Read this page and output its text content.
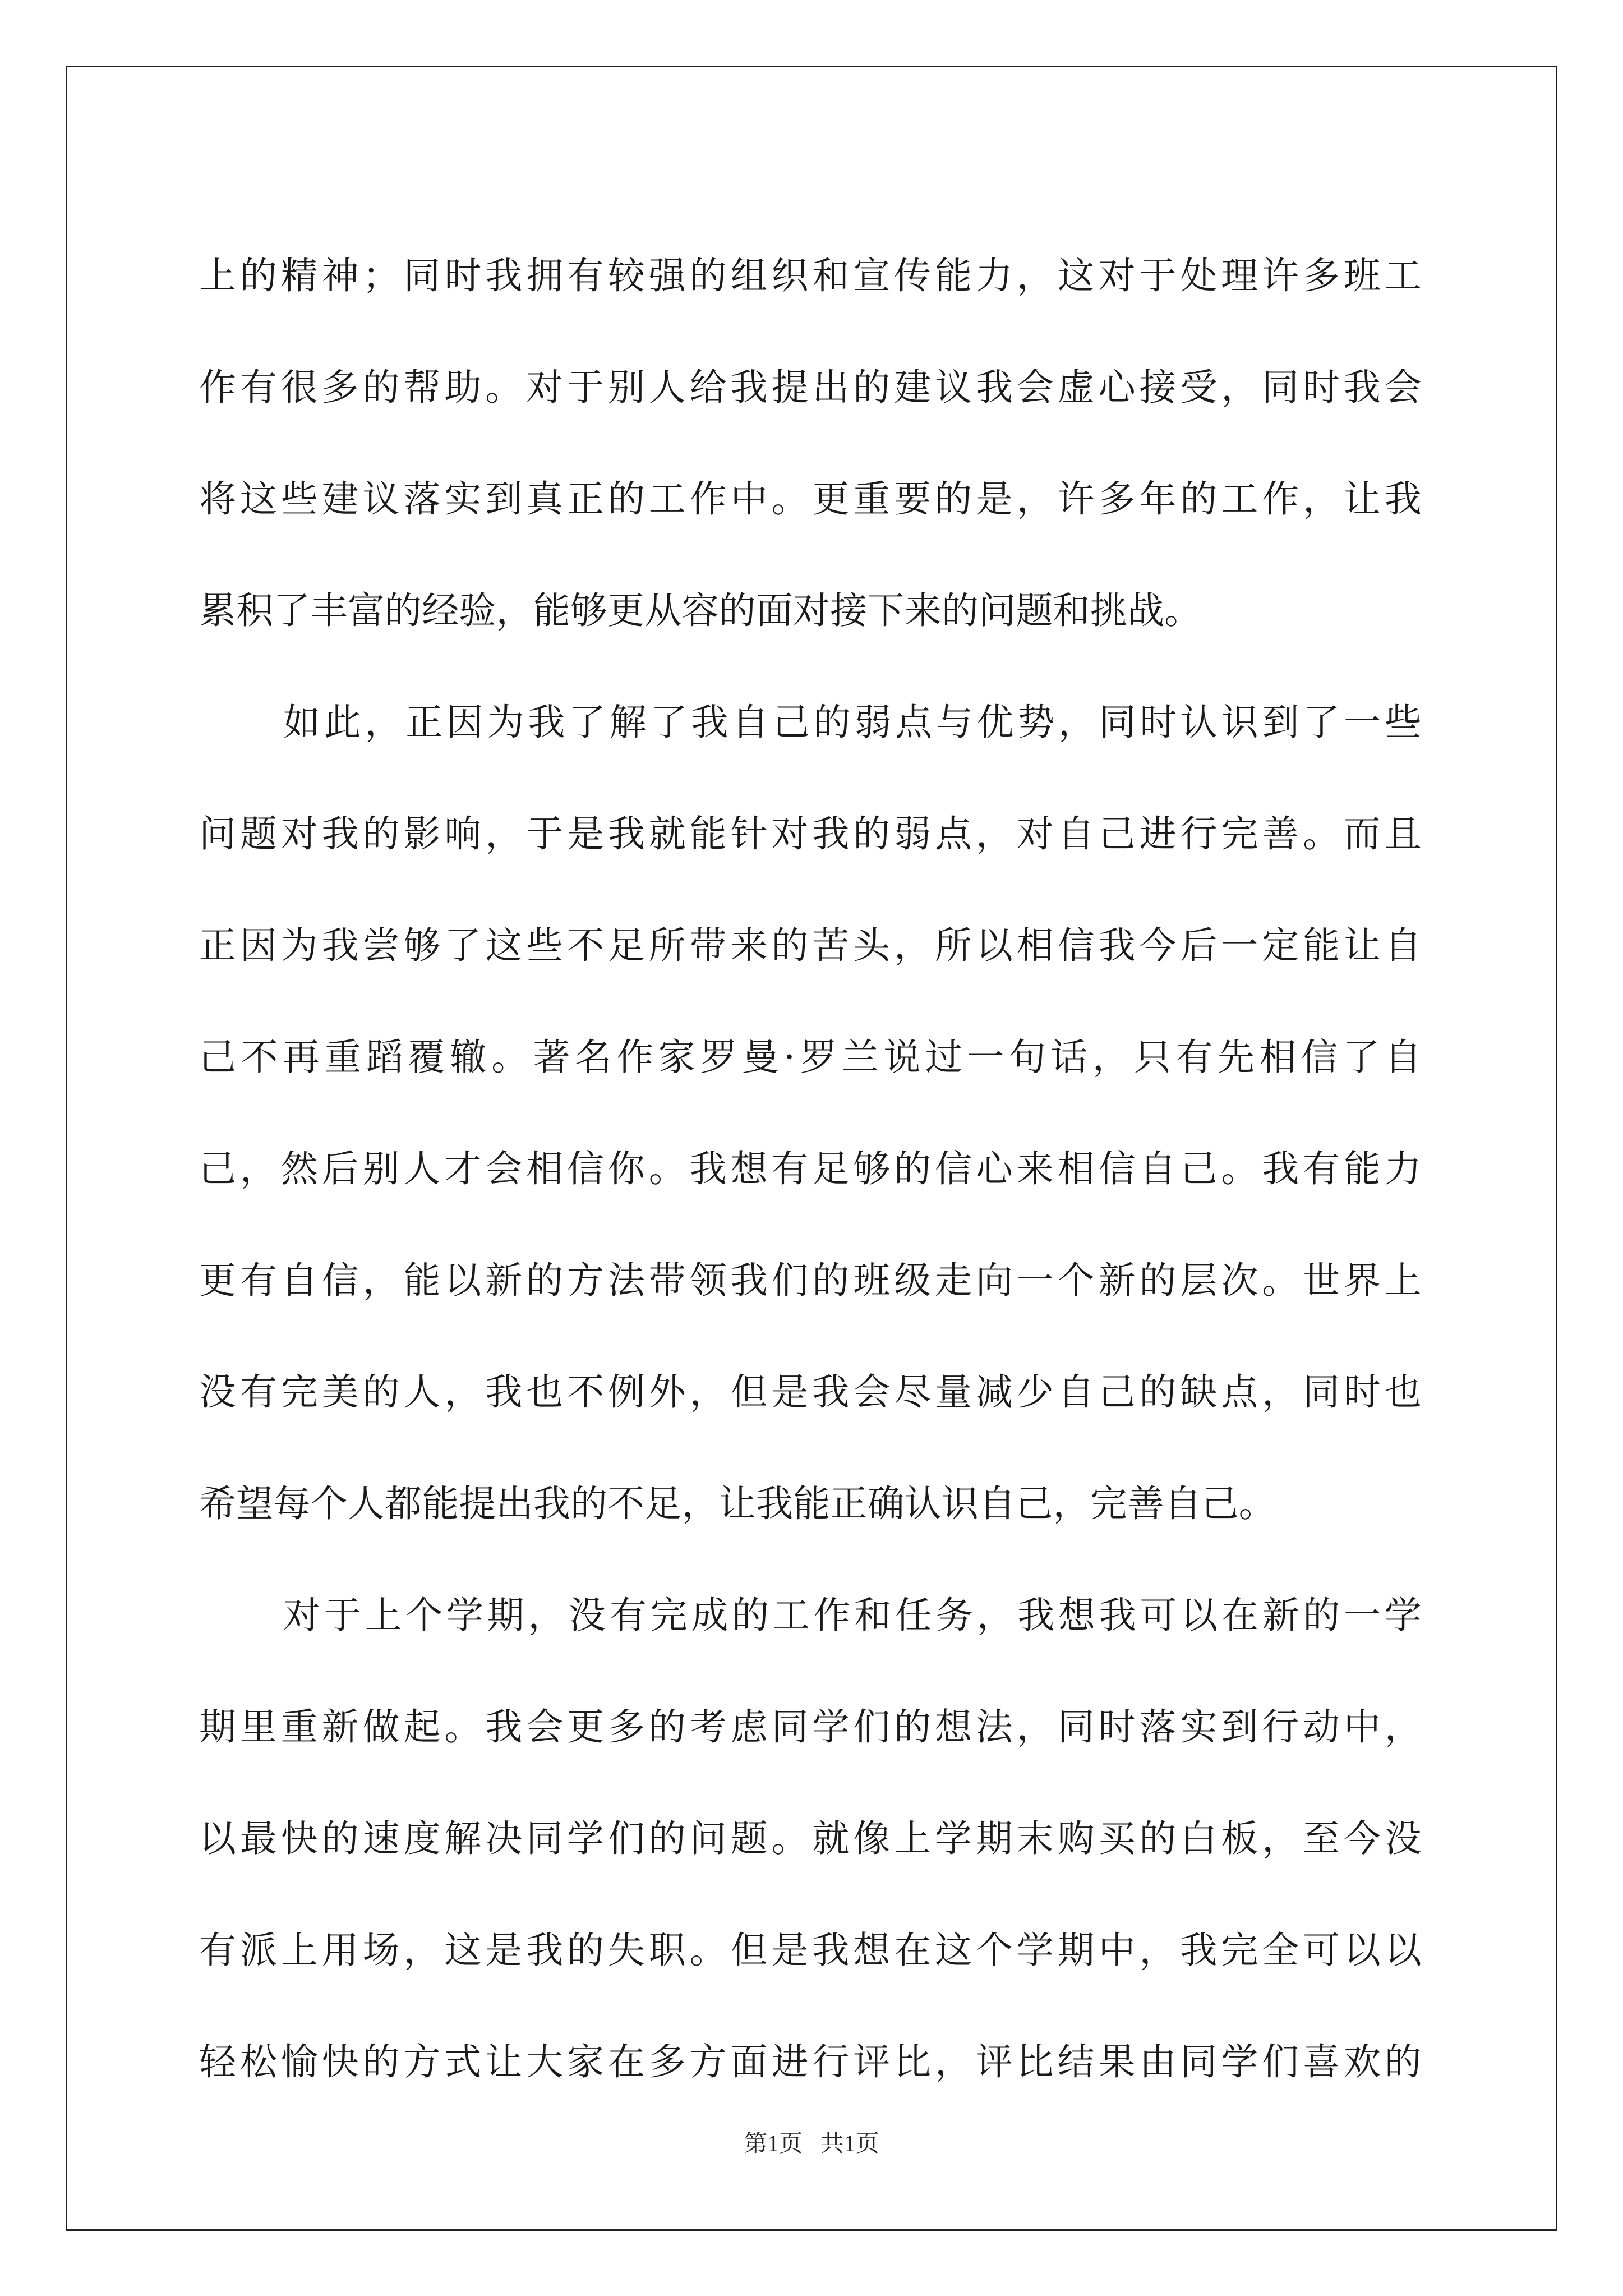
上的精神；同时我拥有较强的组织和宣传能力，这对于处理许多班工
作有很多的帮助。对于别人给我提出的建议我会虚心接受，同时我会
将这些建议落实到真正的工作中。更重要的是，许多年的工作，让我
累积了丰富的经验，能够更从容的面对接下来的问题和挑战。
如此，正因为我了解了我自己的弱点与优势，同时认识到了一些
问题对我的影响，于是我就能针对我的弱点，对自己进行完善。而且
正因为我尝够了这些不足所带来的苦头，所以相信我今后一定能让自
己不再重蹈覆辙。著名作家罗曼·罗兰说过一句话，只有先相信了自
己，然后别人才会相信你。我想有足够的信心来相信自己。我有能力
更有自信，能以新的方法带领我们的班级走向一个新的层次。世界上
没有完美的人，我也不例外，但是我会尽量减少自己的缺点，同时也
希望每个人都能提出我的不足，让我能正确认识自己，完善自己。
对于上个学期，没有完成的工作和任务，我想我可以在新的一学
期里重新做起。我会更多的考虑同学们的想法，同时落实到行动中，
以最快的速度解决同学们的问题。就像上学期末购买的白板，至今没
有派上用场，这是我的失职。但是我想在这个学期中，我完全可以以
轻松愉快的方式让大家在多方面进行评比，评比结果由同学们喜欢的
第1页   共1页
